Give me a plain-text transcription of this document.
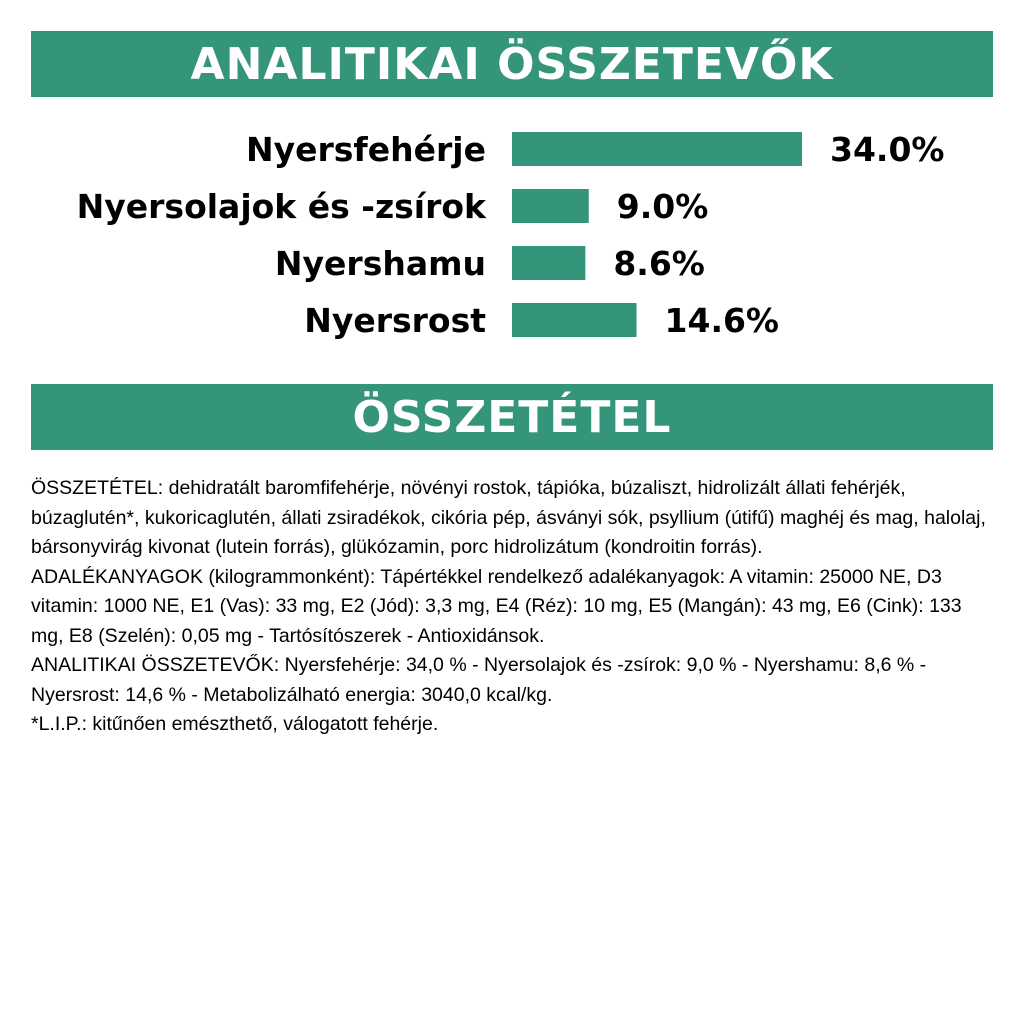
ANALITIKAI ÖSSZETEVŐK
Nyersfehérje	34.0%
Nyersolajok és -zsírok	9.0%
Nyershamu	8.6%
Nyersrost	14.6%
ÖSSZETÉTEL

ÖSSZETÉTEL: dehidratált baromfifehérje, növényi rostok, tápióka, búzaliszt, hidrolizált állati fehérjék, búzaglutén*, kukoricaglutén, állati zsiradékok, cikória pép, ásványi sók, psyllium (útifű) maghéj és mag, halolaj, bársonyvirág kivonat (lutein forrás), glükózamin, porc hidrolizátum (kondroitin forrás).

ADALÉKANYAGOK (kilogrammonként): Tápértékkel rendelkező adalékanyagok: A vitamin: 25000 NE, D3 vitamin: 1000 NE, E1 (Vas): 33 mg, E2 (Jód): 3,3 mg, E4 (Réz): 10 mg, E5 (Mangán): 43 mg, E6 (Cink): 133 mg, E8 (Szelén): 0,05 mg - Tartósítószerek - Antioxidánsok.

ANALITIKAI ÖSSZETEVŐK: Nyersfehérje: 34,0 % - Nyersolajok és -zsírok: 9,0 % - Nyershamu: 8,6 % - Nyersrost: 14,6 % - Metabolizálható energia: 3040,0 kcal/kg.

*L.I.P.: kitűnően emészthető, válogatott fehérje.
